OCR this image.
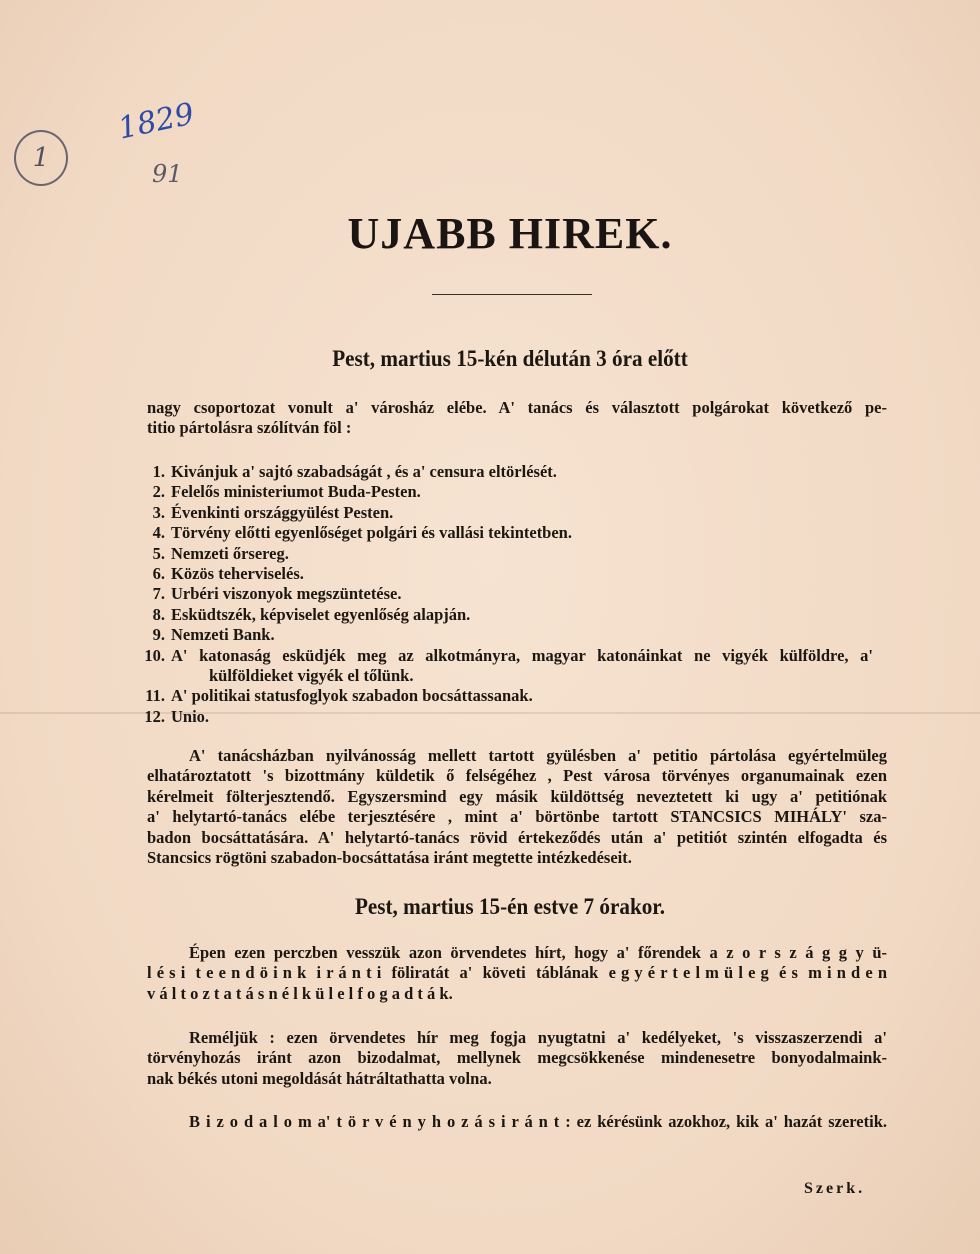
1
1829
91
UJABB HIREK.
Pest, martius 15-kén délután 3 óra előtt
nagy csoportozat vonult a' városház elébe. A' tanács és választott polgárokat következő pe-
titio pártolásra szólítván föl :
1. Kivánjuk a' sajtó szabadságát , és a' censura eltörlését.
2. Felelős ministeriumot Buda-Pesten.
3. Évenkinti országgyülést Pesten.
4. Törvény előtti egyenlőséget polgári és vallási tekintetben.
5. Nemzeti őrsereg.
6. Közös teherviselés.
7. Urbéri viszonyok megszüntetése.
8. Esküdtszék, képviselet egyenlőség alapján.
9. Nemzeti Bank.
10. A' katonaság esküdjék meg az alkotmányra, magyar katonáinkat ne vigyék külföldre, a'
külföldieket vigyék el tőlünk.
11. A' politikai statusfoglyok szabadon bocsáttassanak.
12. Unio.
A' tanácsházban nyilvánosság mellett tartott gyülésben a' petitio pártolása egyértelmüleg
elhatároztatott 's bizottmány küldetik ő felségéhez , Pest városa törvényes organumainak ezen
kérelmeit fölterjesztendő. Egyszersmind egy másik küldöttség neveztetett ki ugy a' petitiónak
a' helytartó-tanács elébe terjesztésére , mint a' börtönbe tartott STANCSICS MIHÁLY' sza-
badon bocsáttatására. A' helytartó-tanács rövid értekeződés után a' petitiót szintén elfogadta és
Stancsics rögtöni szabadon-bocsáttatása iránt megtette intézkedéseit.
Pest, martius 15-én estve 7 órakor.
Épen ezen perczben vesszük azon örvendetes hírt, hogy a' főrendek a z o r s z á g g y ü-
l é s i  t e e n d ö i n k  i r á n t i  föliratát  a'  követi  táblának  e g y é r t e l m ü l e g  é s  m i n d e n
v á l t o z t a t á s n é l k ü l e l f o g a d t á k.
Reméljük : ezen örvendetes hír meg fogja nyugtatni a' kedélyeket, 's visszaszerzendi a'
törvényhozás iránt azon bizodalmat, mellynek megcsökkenése mindenesetre bonyodalmaink-
nak békés utoni megoldását hátráltathatta volna.
B i z o d a l o m a' t ö r v é n y h o z á s i r á n t : ez kérésünk azokhoz, kik a' hazát szeretik.
Szerk.
